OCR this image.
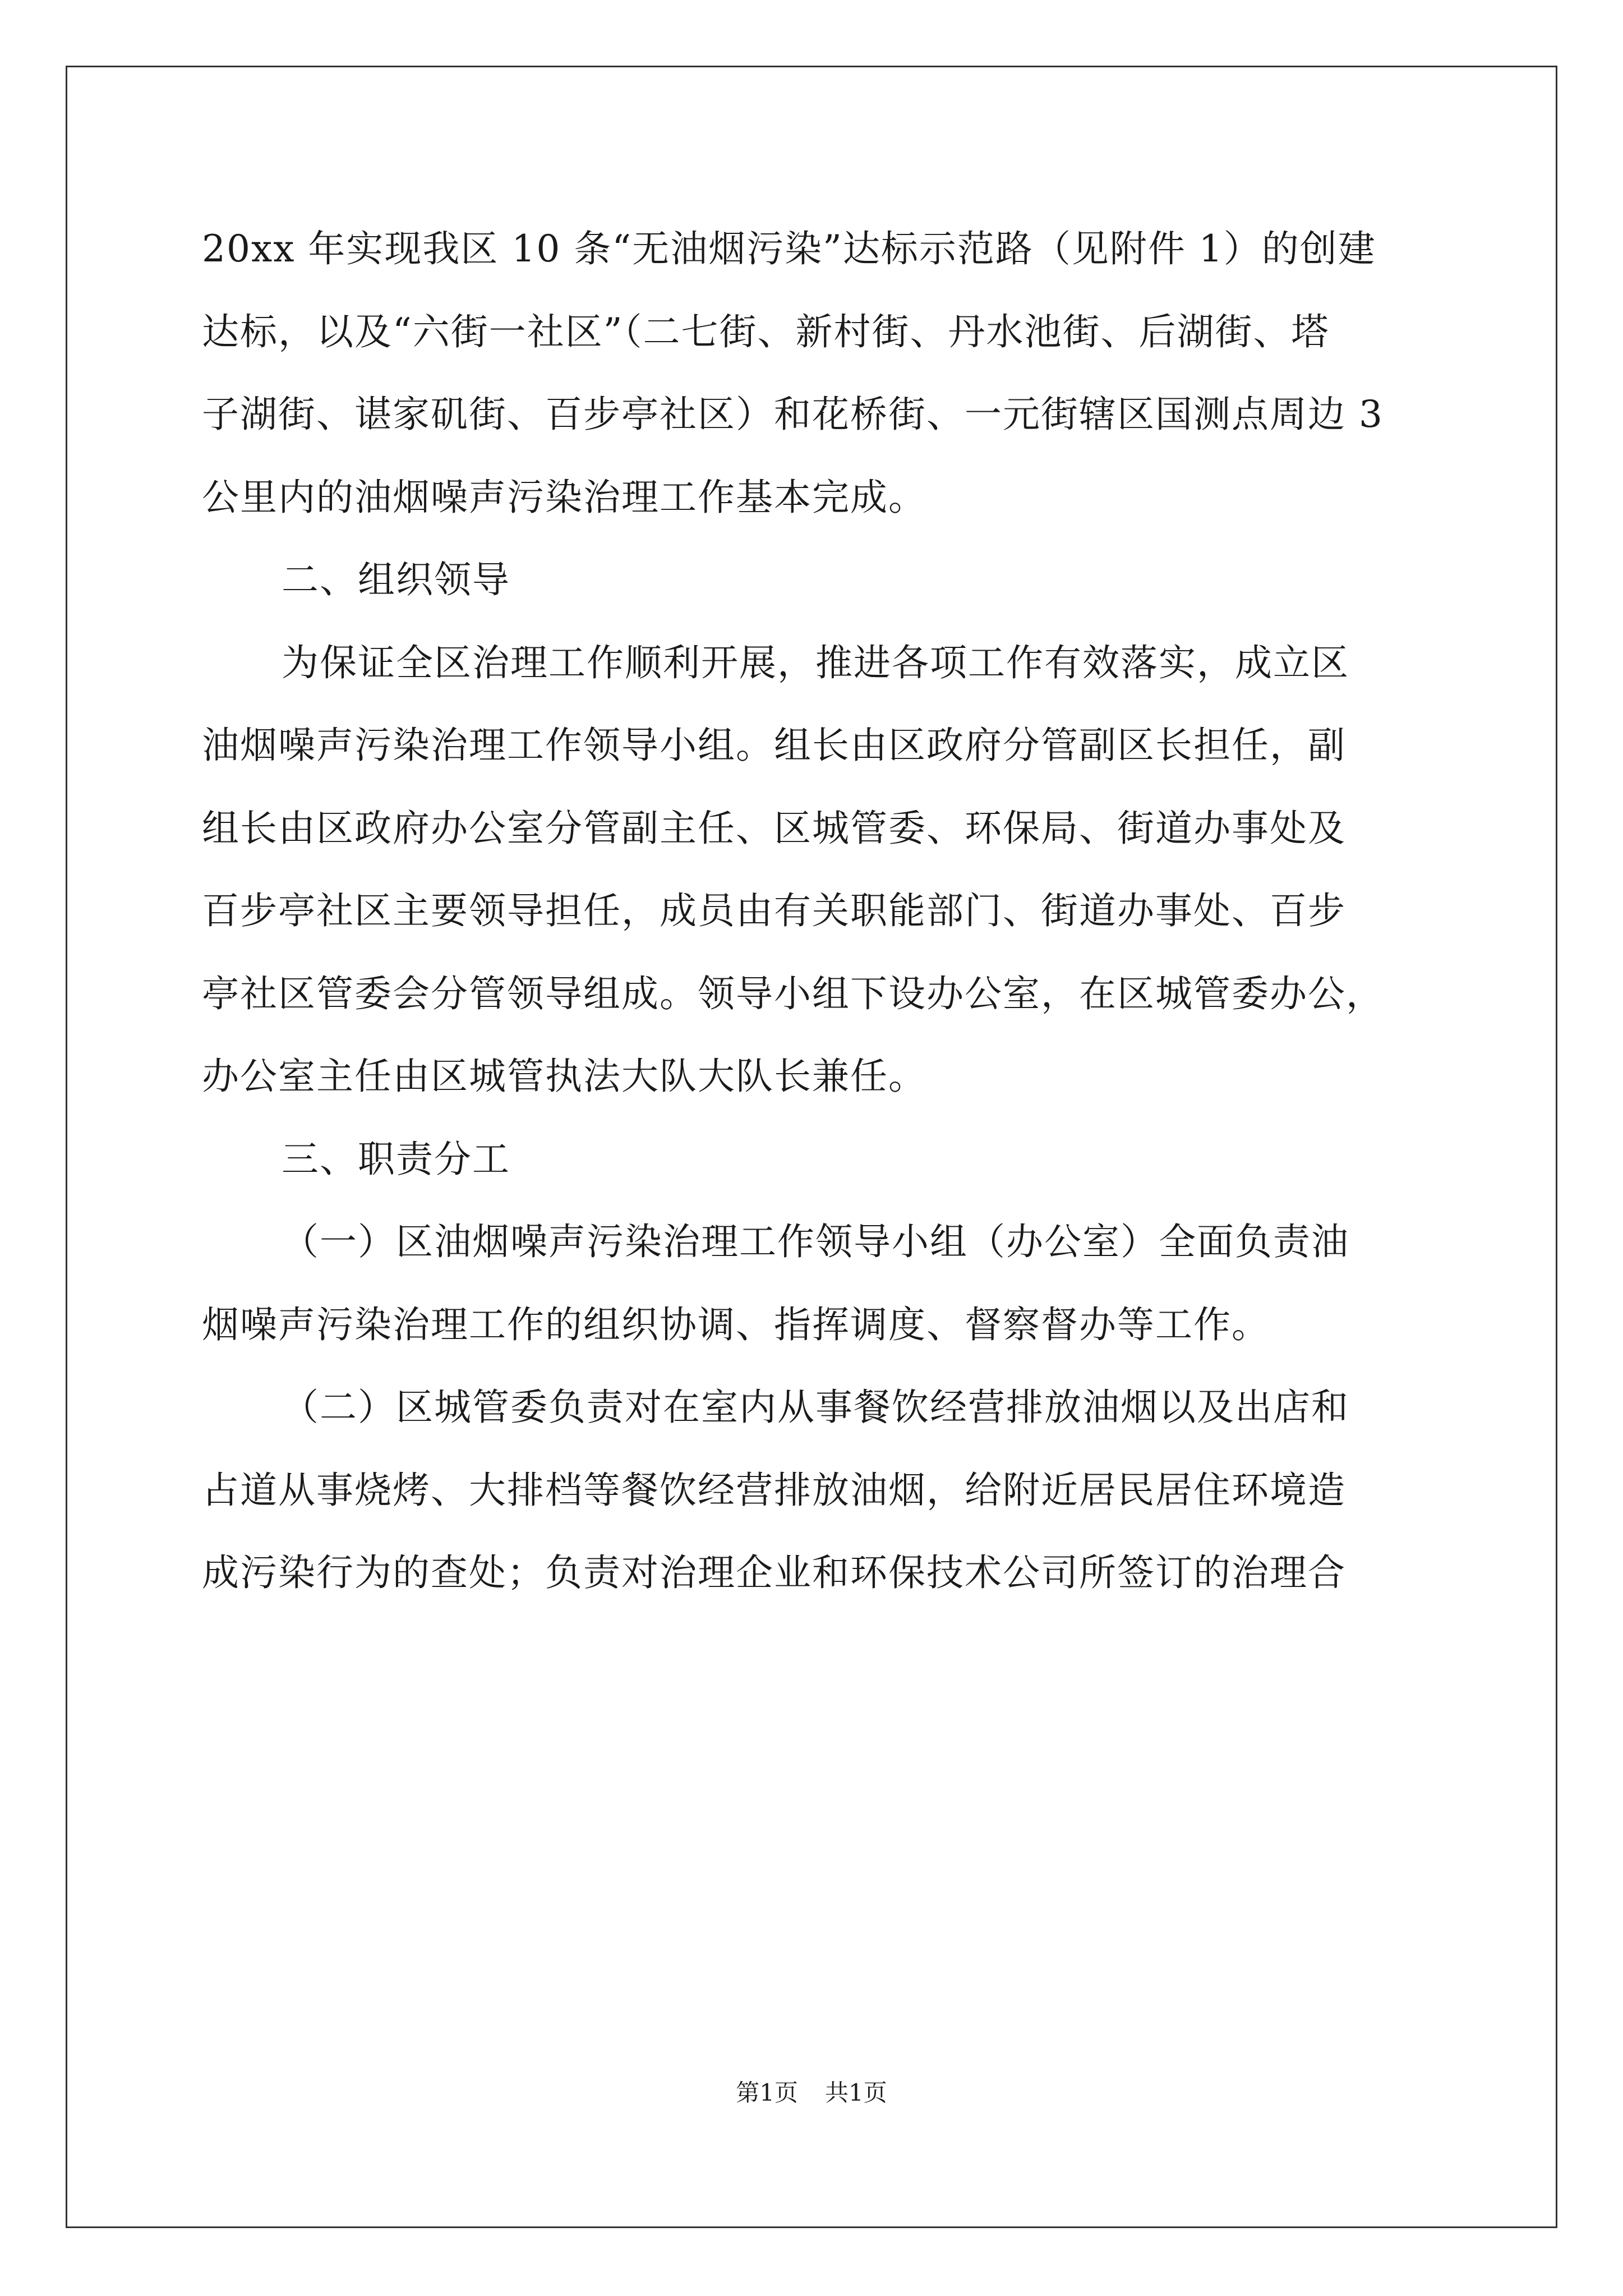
20xx 年实现我区 10 条“无油烟污染”达标示范路（见附件 1）的创建
达标，以及“六街一社区”（二七街、新村街、丹水池街、后湖街、塔
子湖街、谌家矶街、百步亭社区）和花桥街、一元街辖区国测点周边 3
公里内的油烟噪声污染治理工作基本完成。
二、组织领导
为保证全区治理工作顺利开展，推进各项工作有效落实，成立区
油烟噪声污染治理工作领导小组。组长由区政府分管副区长担任，副
组长由区政府办公室分管副主任、区城管委、环保局、街道办事处及
百步亭社区主要领导担任，成员由有关职能部门、街道办事处、百步
亭社区管委会分管领导组成。领导小组下设办公室，在区城管委办公，
办公室主任由区城管执法大队大队长兼任。
三、职责分工
（一）区油烟噪声污染治理工作领导小组（办公室）全面负责油
烟噪声污染治理工作的组织协调、指挥调度、督察督办等工作。
（二）区城管委负责对在室内从事餐饮经营排放油烟以及出店和
占道从事烧烤、大排档等餐饮经营排放油烟，给附近居民居住环境造
成污染行为的查处；负责对治理企业和环保技术公司所签订的治理合
第1页 共1页
